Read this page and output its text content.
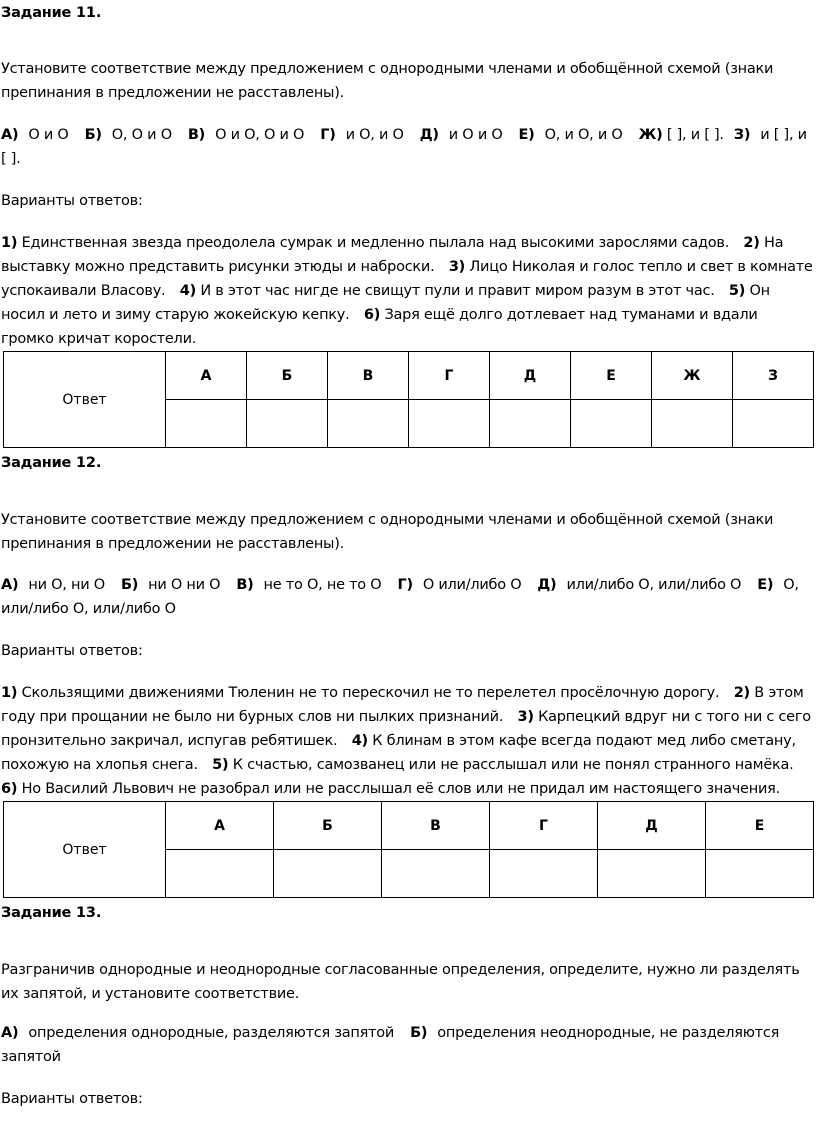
Задание 11.
Установите соответствие между предложением с однородными членами и обобщённой схемой (знаки препинания в предложении не расставлены).
А) О и О Б) О, О и О В) О и О, О и О Г) и О, и О Д) и О и О Е) О, и О, и О Ж) [ ], и [ ]. З) и [ ], и [ ].
Варианты ответов:
1) Единственная звезда преодолела сумрак и медленно пылала над высокими зарослями садов. 2) На выставку можно представить рисунки этюды и наброски. 3) Лицо Николая и голос тепло и свет в комнате успокаивали Власову. 4) И в этот час нигде не свищут пули и правит миром разум в этот час. 5) Он носил и лето и зиму старую жокейскую кепку. 6) Заря ещё долго дотлевает над туманами и вдали громко кричат коростели.
Ответ	А	Б	В	Г	Д	Е	Ж	З

Задание 12.
Установите соответствие между предложением с однородными членами и обобщённой схемой (знаки препинания в предложении не расставлены).
А) ни О, ни О Б) ни О ни О В) не то О, не то О Г) О или/либо О Д) или/либо О, или/либо О Е) О, или/либо О, или/либо О
Варианты ответов:
1) Скользящими движениями Тюленин не то перескочил не то перелетел просёлочную дорогу. 2) В этом году при прощании не было ни бурных слов ни пылких признаний. 3) Карпецкий вдруг ни с того ни с сего пронзительно закричал, испугав ребятишек. 4) К блинам в этом кафе всегда подают мед либо сметану, похожую на хлопья снега. 5) К счастью, самозванец или не расслышал или не понял странного намёка. 6) Но Василий Львович не разобрал или не расслышал её слов или не придал им настоящего значения.
Ответ	А	Б	В	Г	Д	Е

Задание 13.
Разграничив однородные и неоднородные согласованные определения, определите, нужно ли разделять их запятой, и установите соответствие.
А) определения однородные, разделяются запятой Б) определения неоднородные, не разделяются запятой
Варианты ответов:
